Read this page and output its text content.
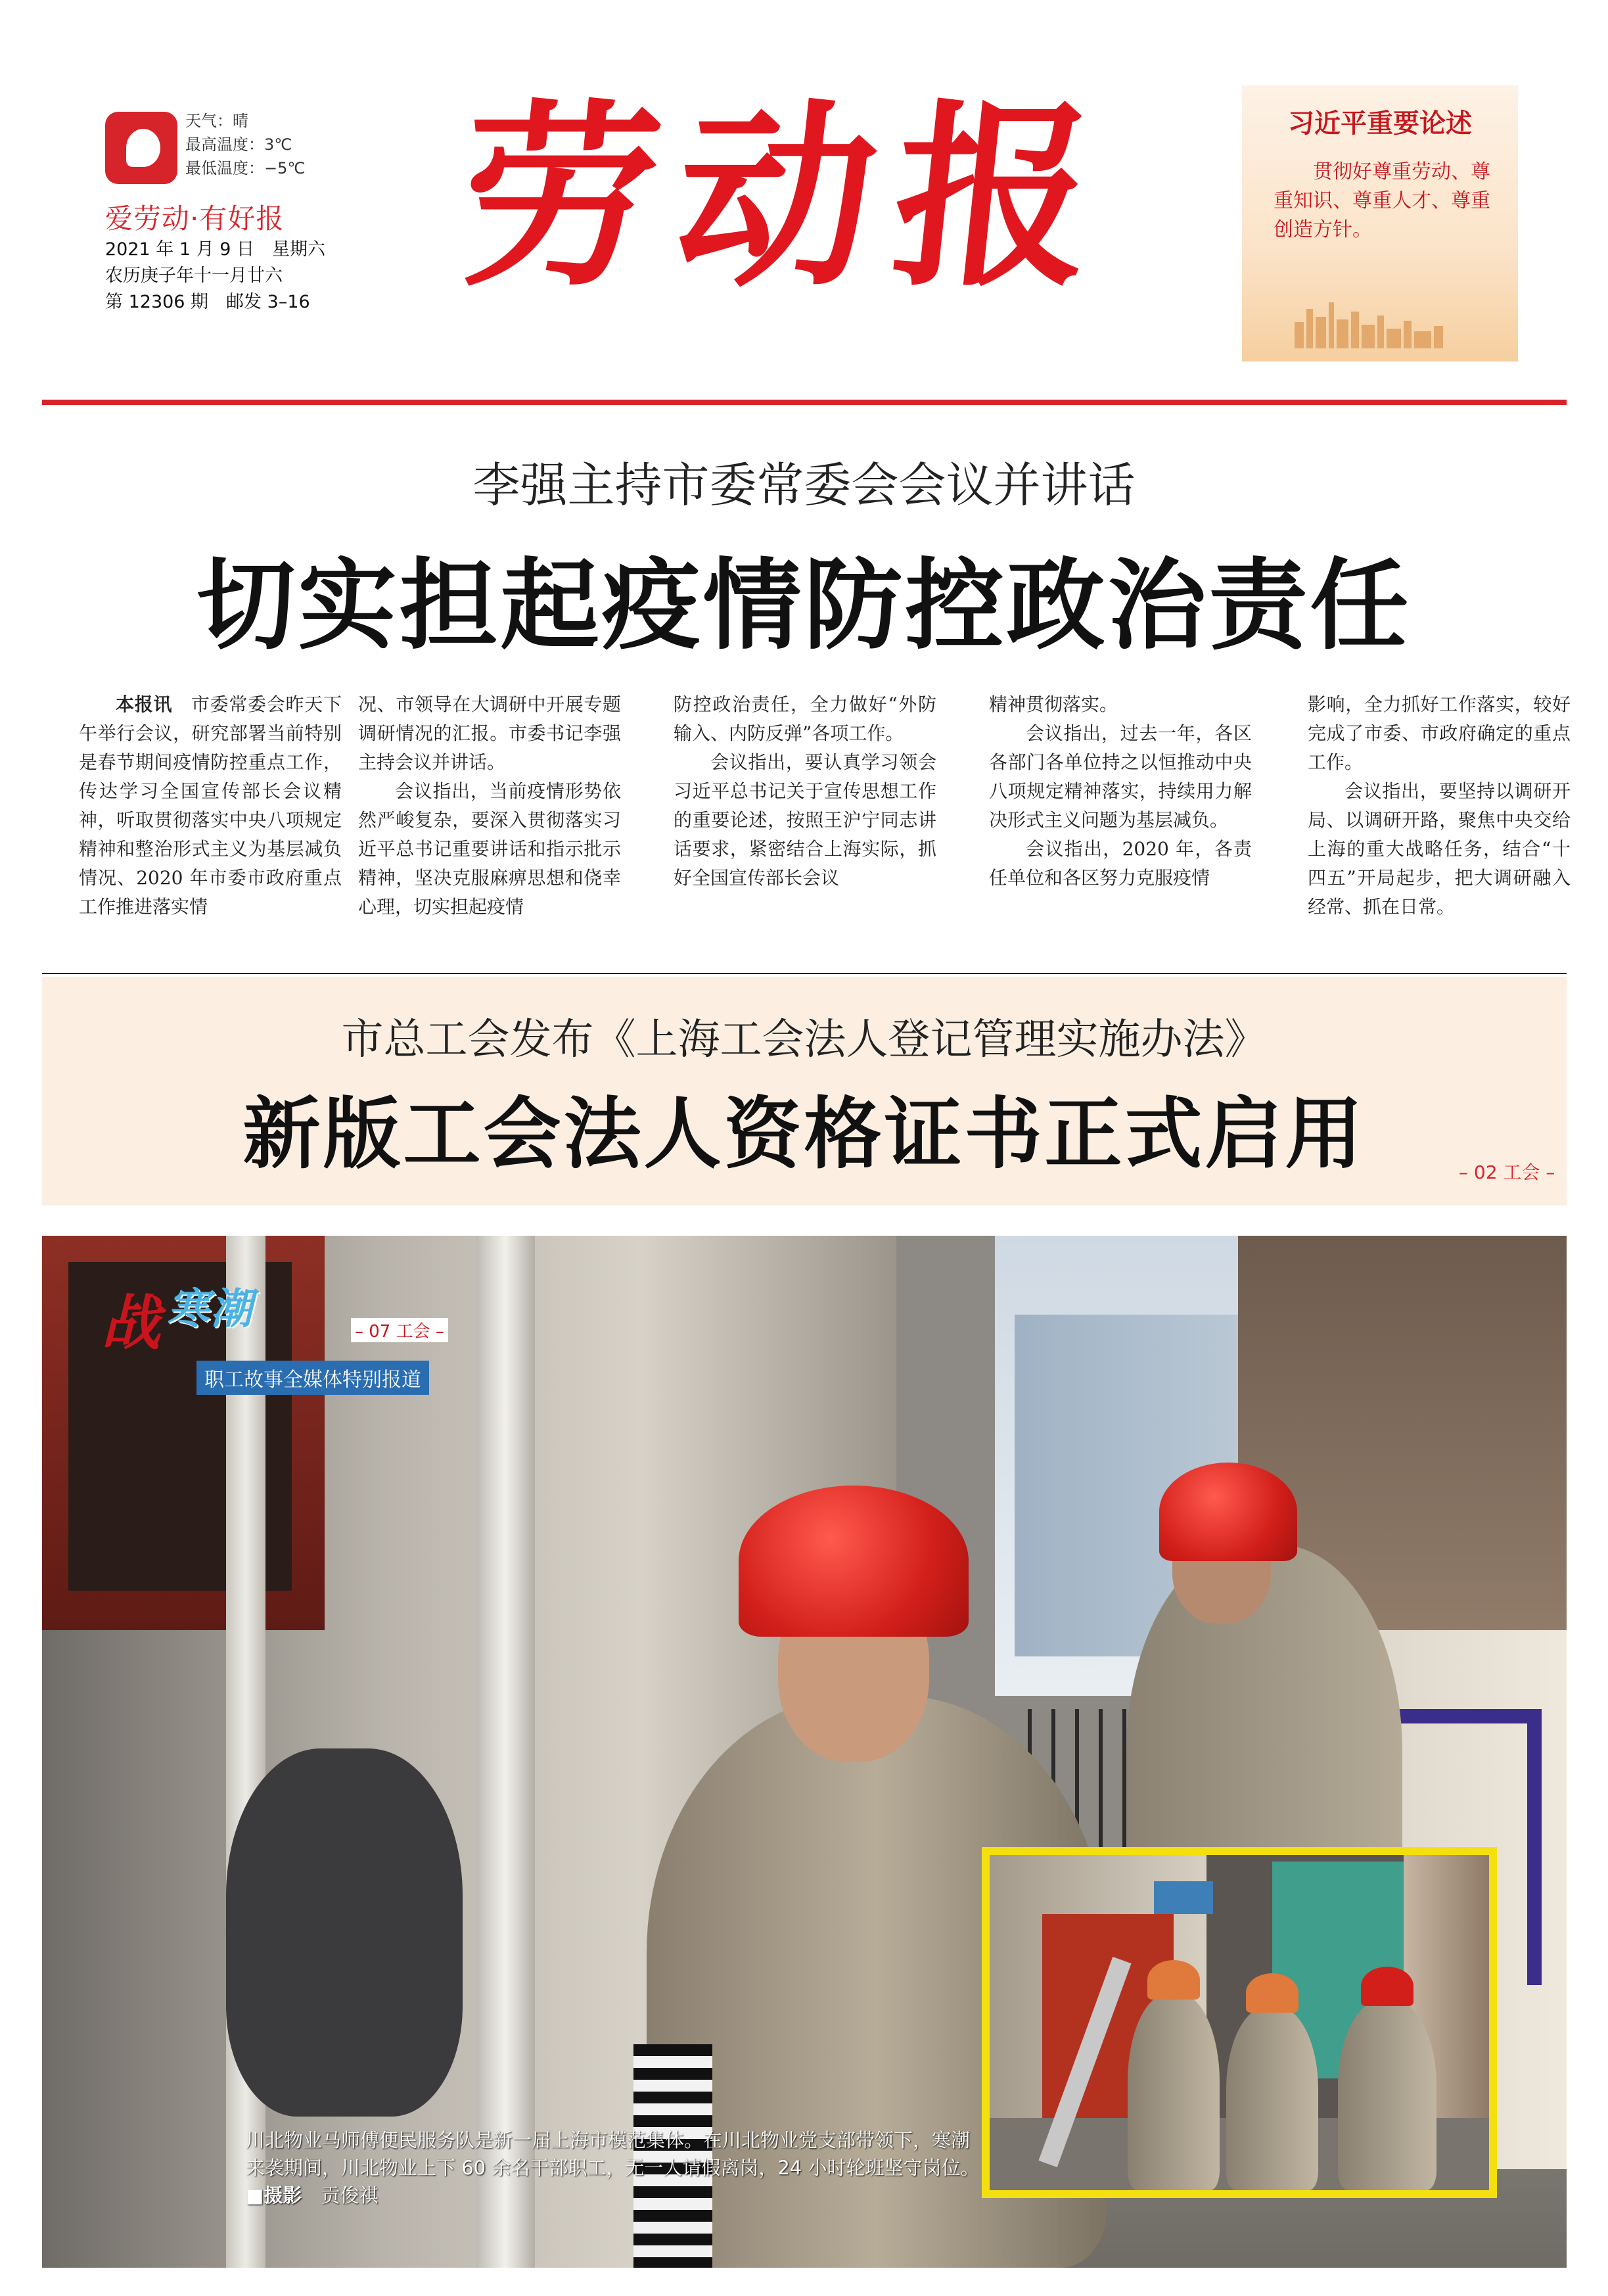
天气：晴
最高温度：3℃
最低温度：−5℃
爱劳动·有好报
2021 年 1 月 9 日　星期六
农历庚子年十一月廿六
第 12306 期　邮发 3–16 劳动报	习近平重要论述
贯彻好尊重劳动、尊重知识、尊重人才、尊重创造方针。
李强主持市委常委会会议并讲话
切实担起疫情防控政治责任

本报讯　 市委常委会昨天下午举行会议，研究部署当前特别是春节期间疫情防控重点工作，传达学习全国宣传部长会议精神，听取贯彻落实中央八项规定精神和整治形式主义为基层减负情况、2020 年市委市政府重点工作推进落实情

况、市领导在大调研中开展专题调研情况的汇报。市委书记李强主持会议并讲话。

会议指出，当前疫情形势依然严峻复杂，要深入贯彻落实习近平总书记重要讲话和指示批示精神，坚决克服麻痹思想和侥幸心理，切实担起疫情

防控政治责任，全力做好“外防输入、内防反弹”各项工作。

会议指出，要认真学习领会习近平总书记关于宣传思想工作的重要论述，按照王沪宁同志讲话要求，紧密结合上海实际，抓好全国宣传部长会议

精神贯彻落实。

会议指出，过去一年，各区各部门各单位持之以恒推动中央八项规定精神落实，持续用力解决形式主义问题为基层减负。

会议指出，2020 年，各责任单位和各区努力克服疫情

影响，全力抓好工作落实，较好完成了市委、市政府确定的重点工作。

会议指出，要坚持以调研开局、以调研开路，聚焦中央交给上海的重大战略任务，结合“十四五”开局起步，把大调研融入经常、抓在日常。

市总工会发布《上海工会法人登记管理实施办法》
新版工会法人资格证书正式启用	– 02 工会 –
战 寒潮	– 07 工会 –
职工故事全媒体特别报道
川北物业马师傅便民服务队是新一届上海市模范集体。在川北物业党支部带领下，寒潮来袭期间，川北物业上下 60 余名干部职工，无一人请假离岗，24 小时轮班坚守岗位。　■摄影　 贡俊祺
